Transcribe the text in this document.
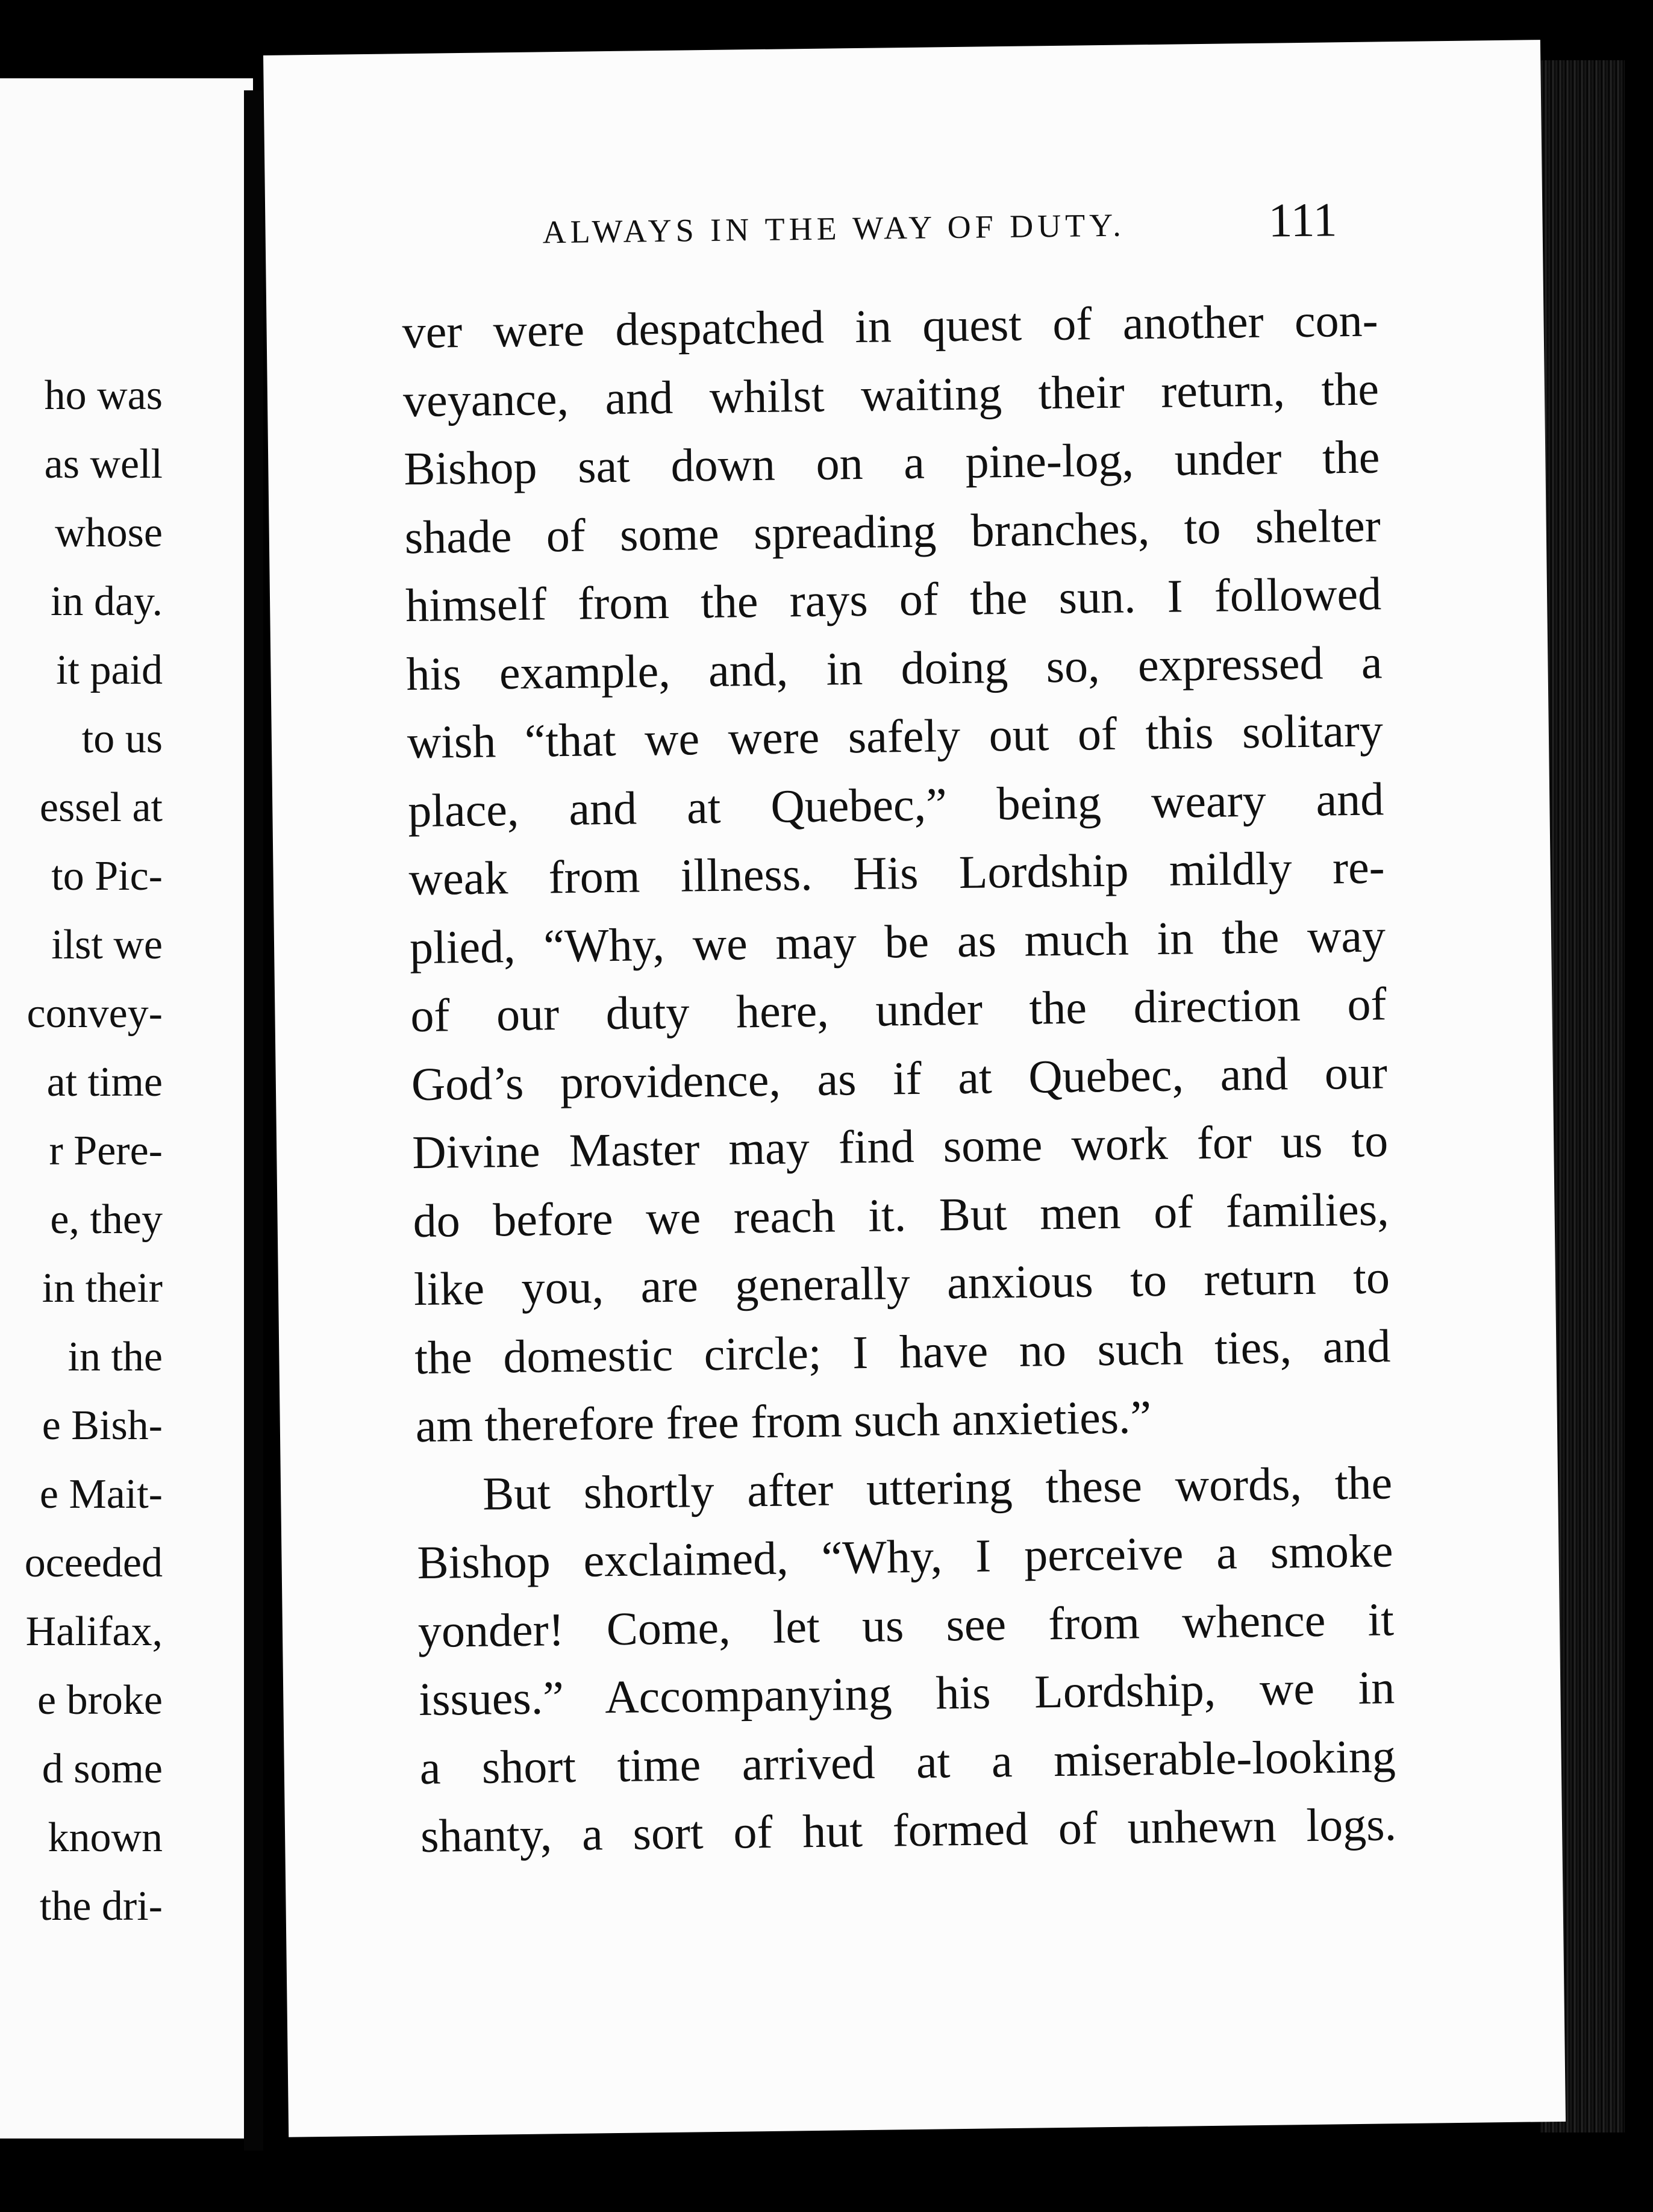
ho was
as well
whose
in day.
it paid
to us
essel at
to Pic-
ilst we
convey-
at time
r Pere-
e, they
in their
in the
e Bish-
e Mait-
oceeded
Halifax,
e broke
d some
known
the dri-
ALWAYS IN THE WAY OF DUTY.	111
ver were despatched in quest of another con-
veyance, and whilst waiting their return, the
Bishop sat down on a pine-log, under the
shade of some spreading branches, to shelter
himself from the rays of the sun. I followed
his example, and, in doing so, expressed a
wish “that we were safely out of this solitary
place, and at Quebec,” being weary and
weak from illness. His Lordship mildly re-
plied, “Why, we may be as much in the way
of our duty here, under the direction of
God’s providence, as if at Quebec, and our
Divine Master may find some work for us to
do before we reach it. But men of families,
like you, are generally anxious to return to
the domestic circle; I have no such ties, and
am therefore free from such anxieties.”
But shortly after uttering these words, the
Bishop exclaimed, “Why, I perceive a smoke
yonder! Come, let us see from whence it
issues.” Accompanying his Lordship, we in
a short time arrived at a miserable-looking
shanty, a sort of hut formed of unhewn logs.
